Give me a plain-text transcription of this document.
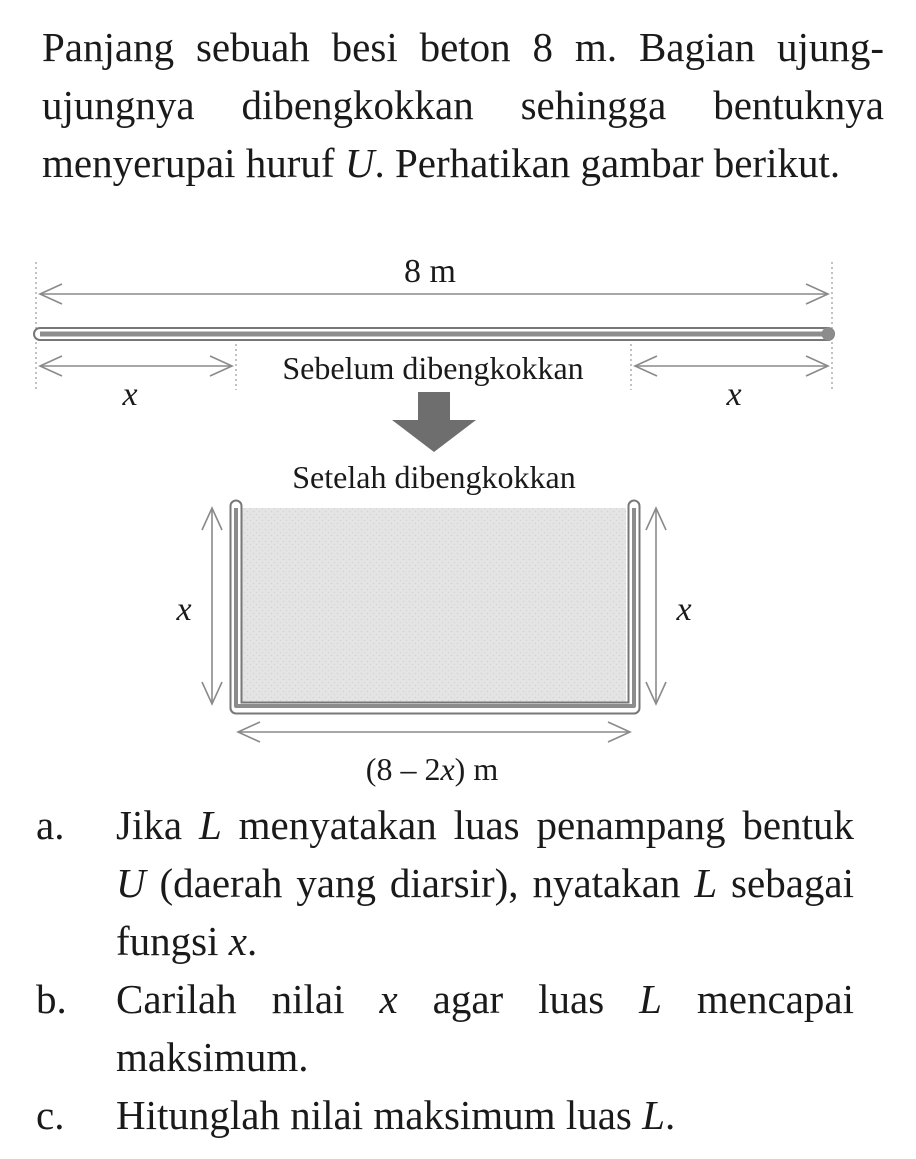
Panjang sebuah besi beton 8 m. Bagian ujung-ujungnya dibengkokkan sehingga bentuknya menyerupai huruf U. Perhatikan gambar berikut.

8 m
x
Sebelum dibengkokkan
x
Setelah dibengkokkan
x	x
(8 – 2x) m
a.	Jika L menyatakan luas penampang bentuk U (daerah yang diarsir), nyatakan L sebagai fungsi x.
b.	Carilah nilai x agar luas L mencapai maksimum.
c.	Hitunglah nilai maksimum luas L.
